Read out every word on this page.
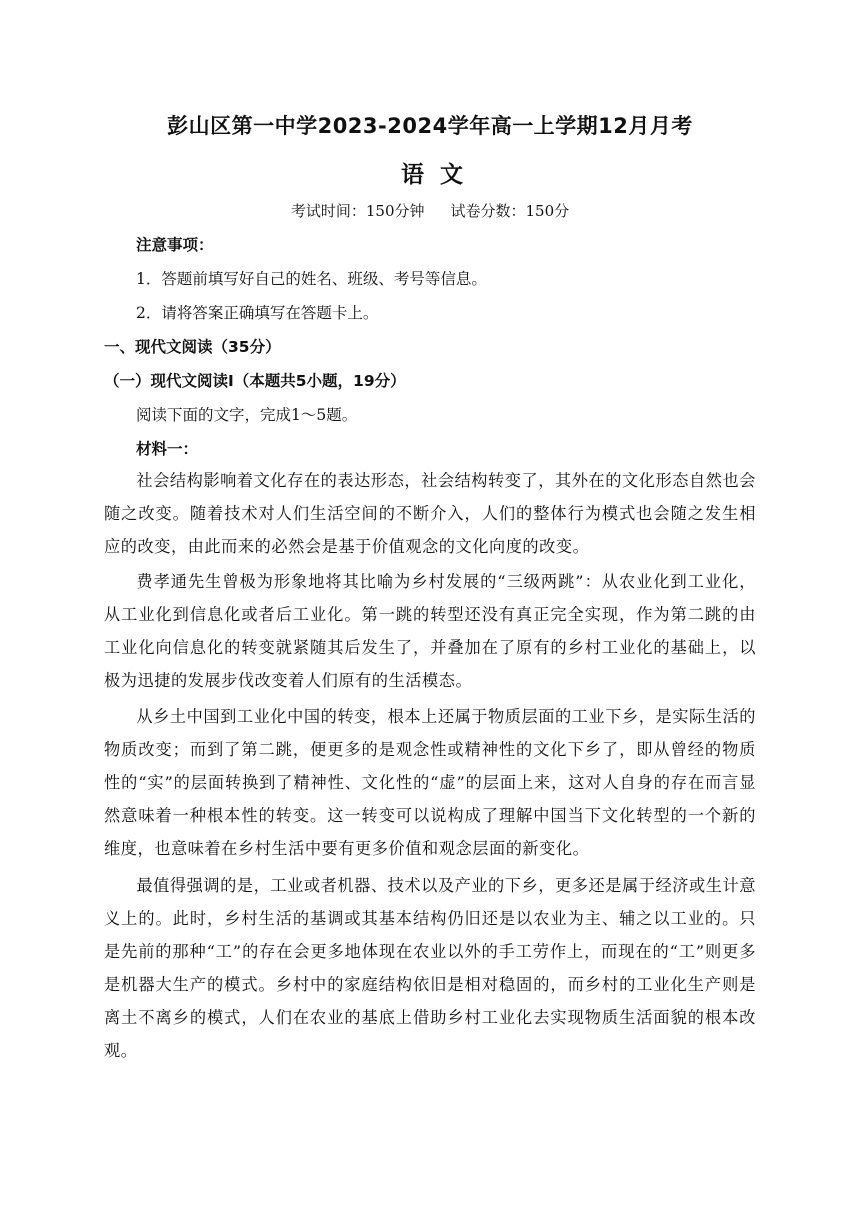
彭山区第一中学2023-2024学年高一上学期12月月考
语文
考试时间：150分钟 试卷分数：150分
注意事项：
1．答题前填写好自己的姓名、班级、考号等信息。
2．请将答案正确填写在答题卡上。
一、现代文阅读（35分）
（一）现代文阅读Ⅰ（本题共5小题，19分）
阅读下面的文字，完成1～5题。
材料一：

社会结构影响着文化存在的表达形态，社会结构转变了，其外在的文化形态自然也会随之改变。随着技术对人们生活空间的不断介入，人们的整体行为模式也会随之发生相应的改变，由此而来的必然会是基于价值观念的文化向度的改变。

费孝通先生曾极为形象地将其比喻为乡村发展的“三级两跳”：从农业化到工业化，从工业化到信息化或者后工业化。第一跳的转型还没有真正完全实现，作为第二跳的由工业化向信息化的转变就紧随其后发生了，并叠加在了原有的乡村工业化的基础上，以极为迅捷的发展步伐改变着人们原有的生活模态。

从乡土中国到工业化中国的转变，根本上还属于物质层面的工业下乡，是实际生活的物质改变；而到了第二跳，便更多的是观念性或精神性的文化下乡了，即从曾经的物质性的“实”的层面转换到了精神性、文化性的“虚”的层面上来，这对人自身的存在而言显然意味着一种根本性的转变。这一转变可以说构成了理解中国当下文化转型的一个新的维度，也意味着在乡村生活中要有更多价值和观念层面的新变化。

最值得强调的是，工业或者机器、技术以及产业的下乡，更多还是属于经济或生计意义上的。此时，乡村生活的基调或其基本结构仍旧还是以农业为主、辅之以工业的。只是先前的那种“工”的存在会更多地体现在农业以外的手工劳作上，而现在的“工”则更多是机器大生产的模式。乡村中的家庭结构依旧是相对稳固的，而乡村的工业化生产则是离土不离乡的模式，人们在农业的基底上借助乡村工业化去实现物质生活面貌的根本改观。
